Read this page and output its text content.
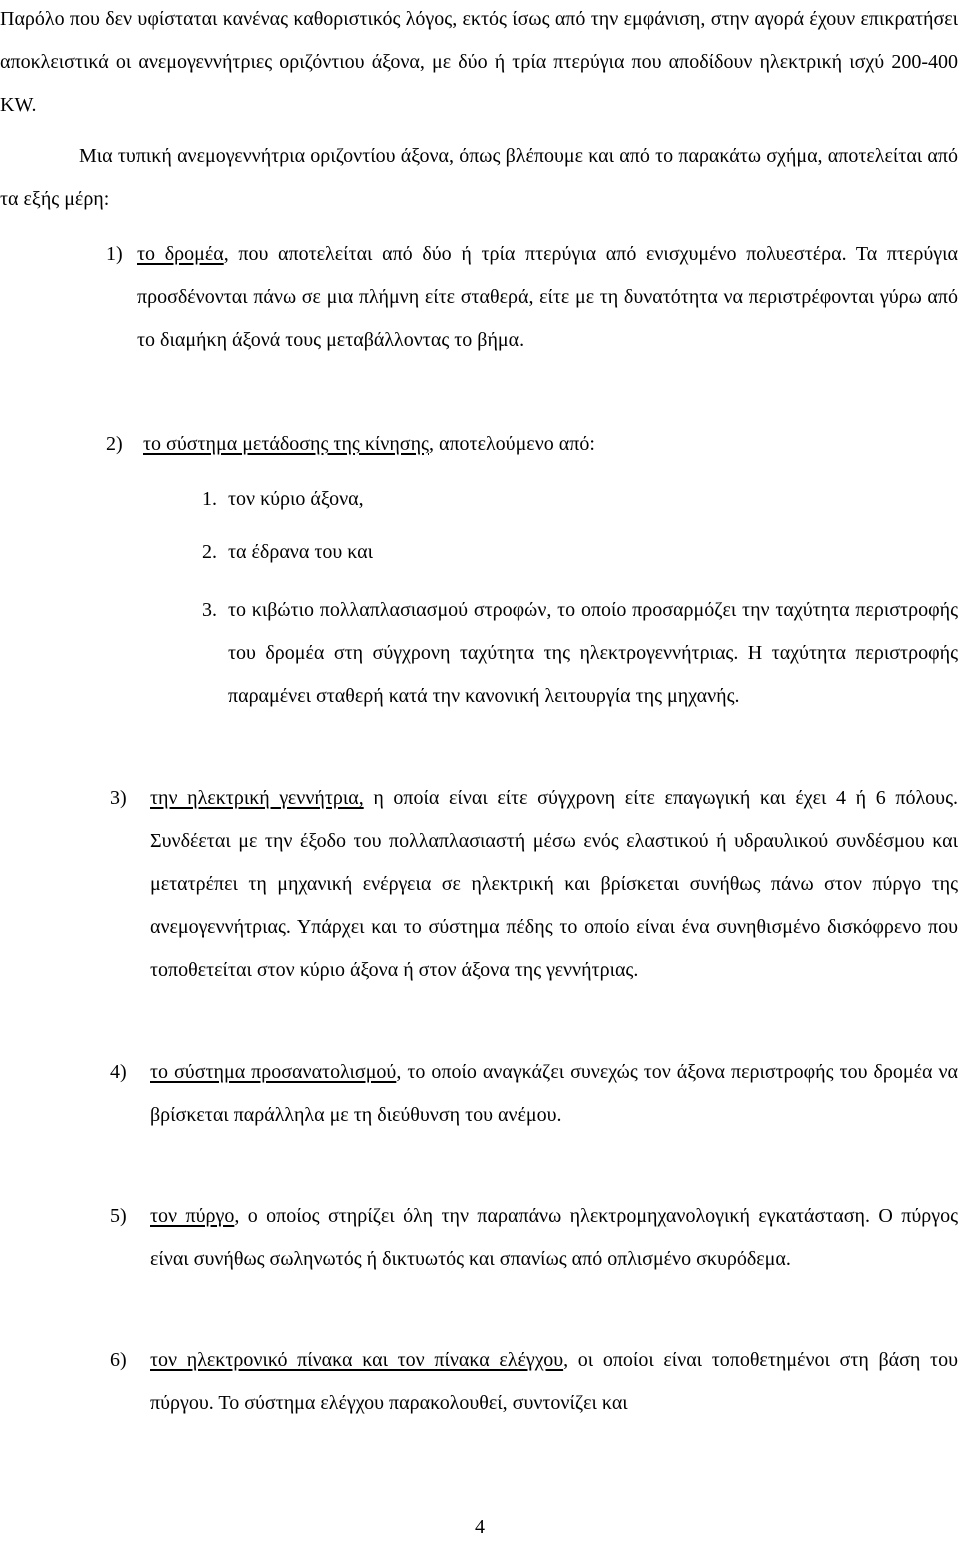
Παρόλο που δεν υφίσταται κανένας καθοριστικός λόγος, εκτός ίσως από την εμφάνιση, στην αγορά έχουν επικρατήσει αποκλειστικά οι ανεμογεννήτριες οριζόντιου άξονα, με δύο ή τρία πτερύγια που αποδίδουν ηλεκτρική ισχύ 200-400 KW.

Μια τυπική ανεμογεννήτρια οριζοντίου άξονα, όπως βλέπουμε και από το παρακάτω σχήμα, αποτελείται από τα εξής μέρη:

1) το δρομέα, που αποτελείται από δύο ή τρία πτερύγια από ενισχυμένο πολυεστέρα. Τα πτερύγια προσδένονται πάνω σε μια πλήμνη είτε σταθερά, είτε με τη δυνατότητα να περιστρέφονται γύρω από το διαμήκη άξονά τους μεταβάλλοντας το βήμα.

2) το σύστημα μετάδοσης της κίνησης, αποτελούμενο από:

1. τον κύριο άξονα,

2. τα έδρανα του και

3. το κιβώτιο πολλαπλασιασμού στροφών, το οποίο προσαρμόζει την ταχύτητα περιστροφής του δρομέα στη σύγχρονη ταχύτητα της ηλεκτρογεννήτριας. Η ταχύτητα περιστροφής παραμένει σταθερή κατά την κανονική λειτουργία της μηχανής.

3) την ηλεκτρική γεννήτρια, η οποία είναι είτε σύγχρονη είτε επαγωγική και έχει 4 ή 6 πόλους. Συνδέεται με την έξοδο του πολλαπλασιαστή μέσω ενός ελαστικού ή υδραυλικού συνδέσμου και μετατρέπει τη μηχανική ενέργεια σε ηλεκτρική και βρίσκεται συνήθως πάνω στον πύργο της ανεμογεννήτριας. Υπάρχει και το σύστημα πέδης το οποίο είναι ένα συνηθισμένο δισκόφρενο που τοποθετείται στον κύριο άξονα ή στον άξονα της γεννήτριας.

4) το σύστημα προσανατολισμού, το οποίο αναγκάζει συνεχώς τον άξονα περιστροφής του δρομέα να βρίσκεται παράλληλα με τη διεύθυνση του ανέμου.

5) τον πύργο, ο οποίος στηρίζει όλη την παραπάνω ηλεκτρομηχανολογική εγκατάσταση. Ο πύργος είναι συνήθως σωληνωτός ή δικτυωτός και σπανίως από οπλισμένο σκυρόδεμα.

6) τον ηλεκτρονικό πίνακα και τον πίνακα ελέγχου, οι οποίοι είναι τοποθετημένοι στη βάση του πύργου. Το σύστημα ελέγχου παρακολουθεί, συντονίζει και

4
